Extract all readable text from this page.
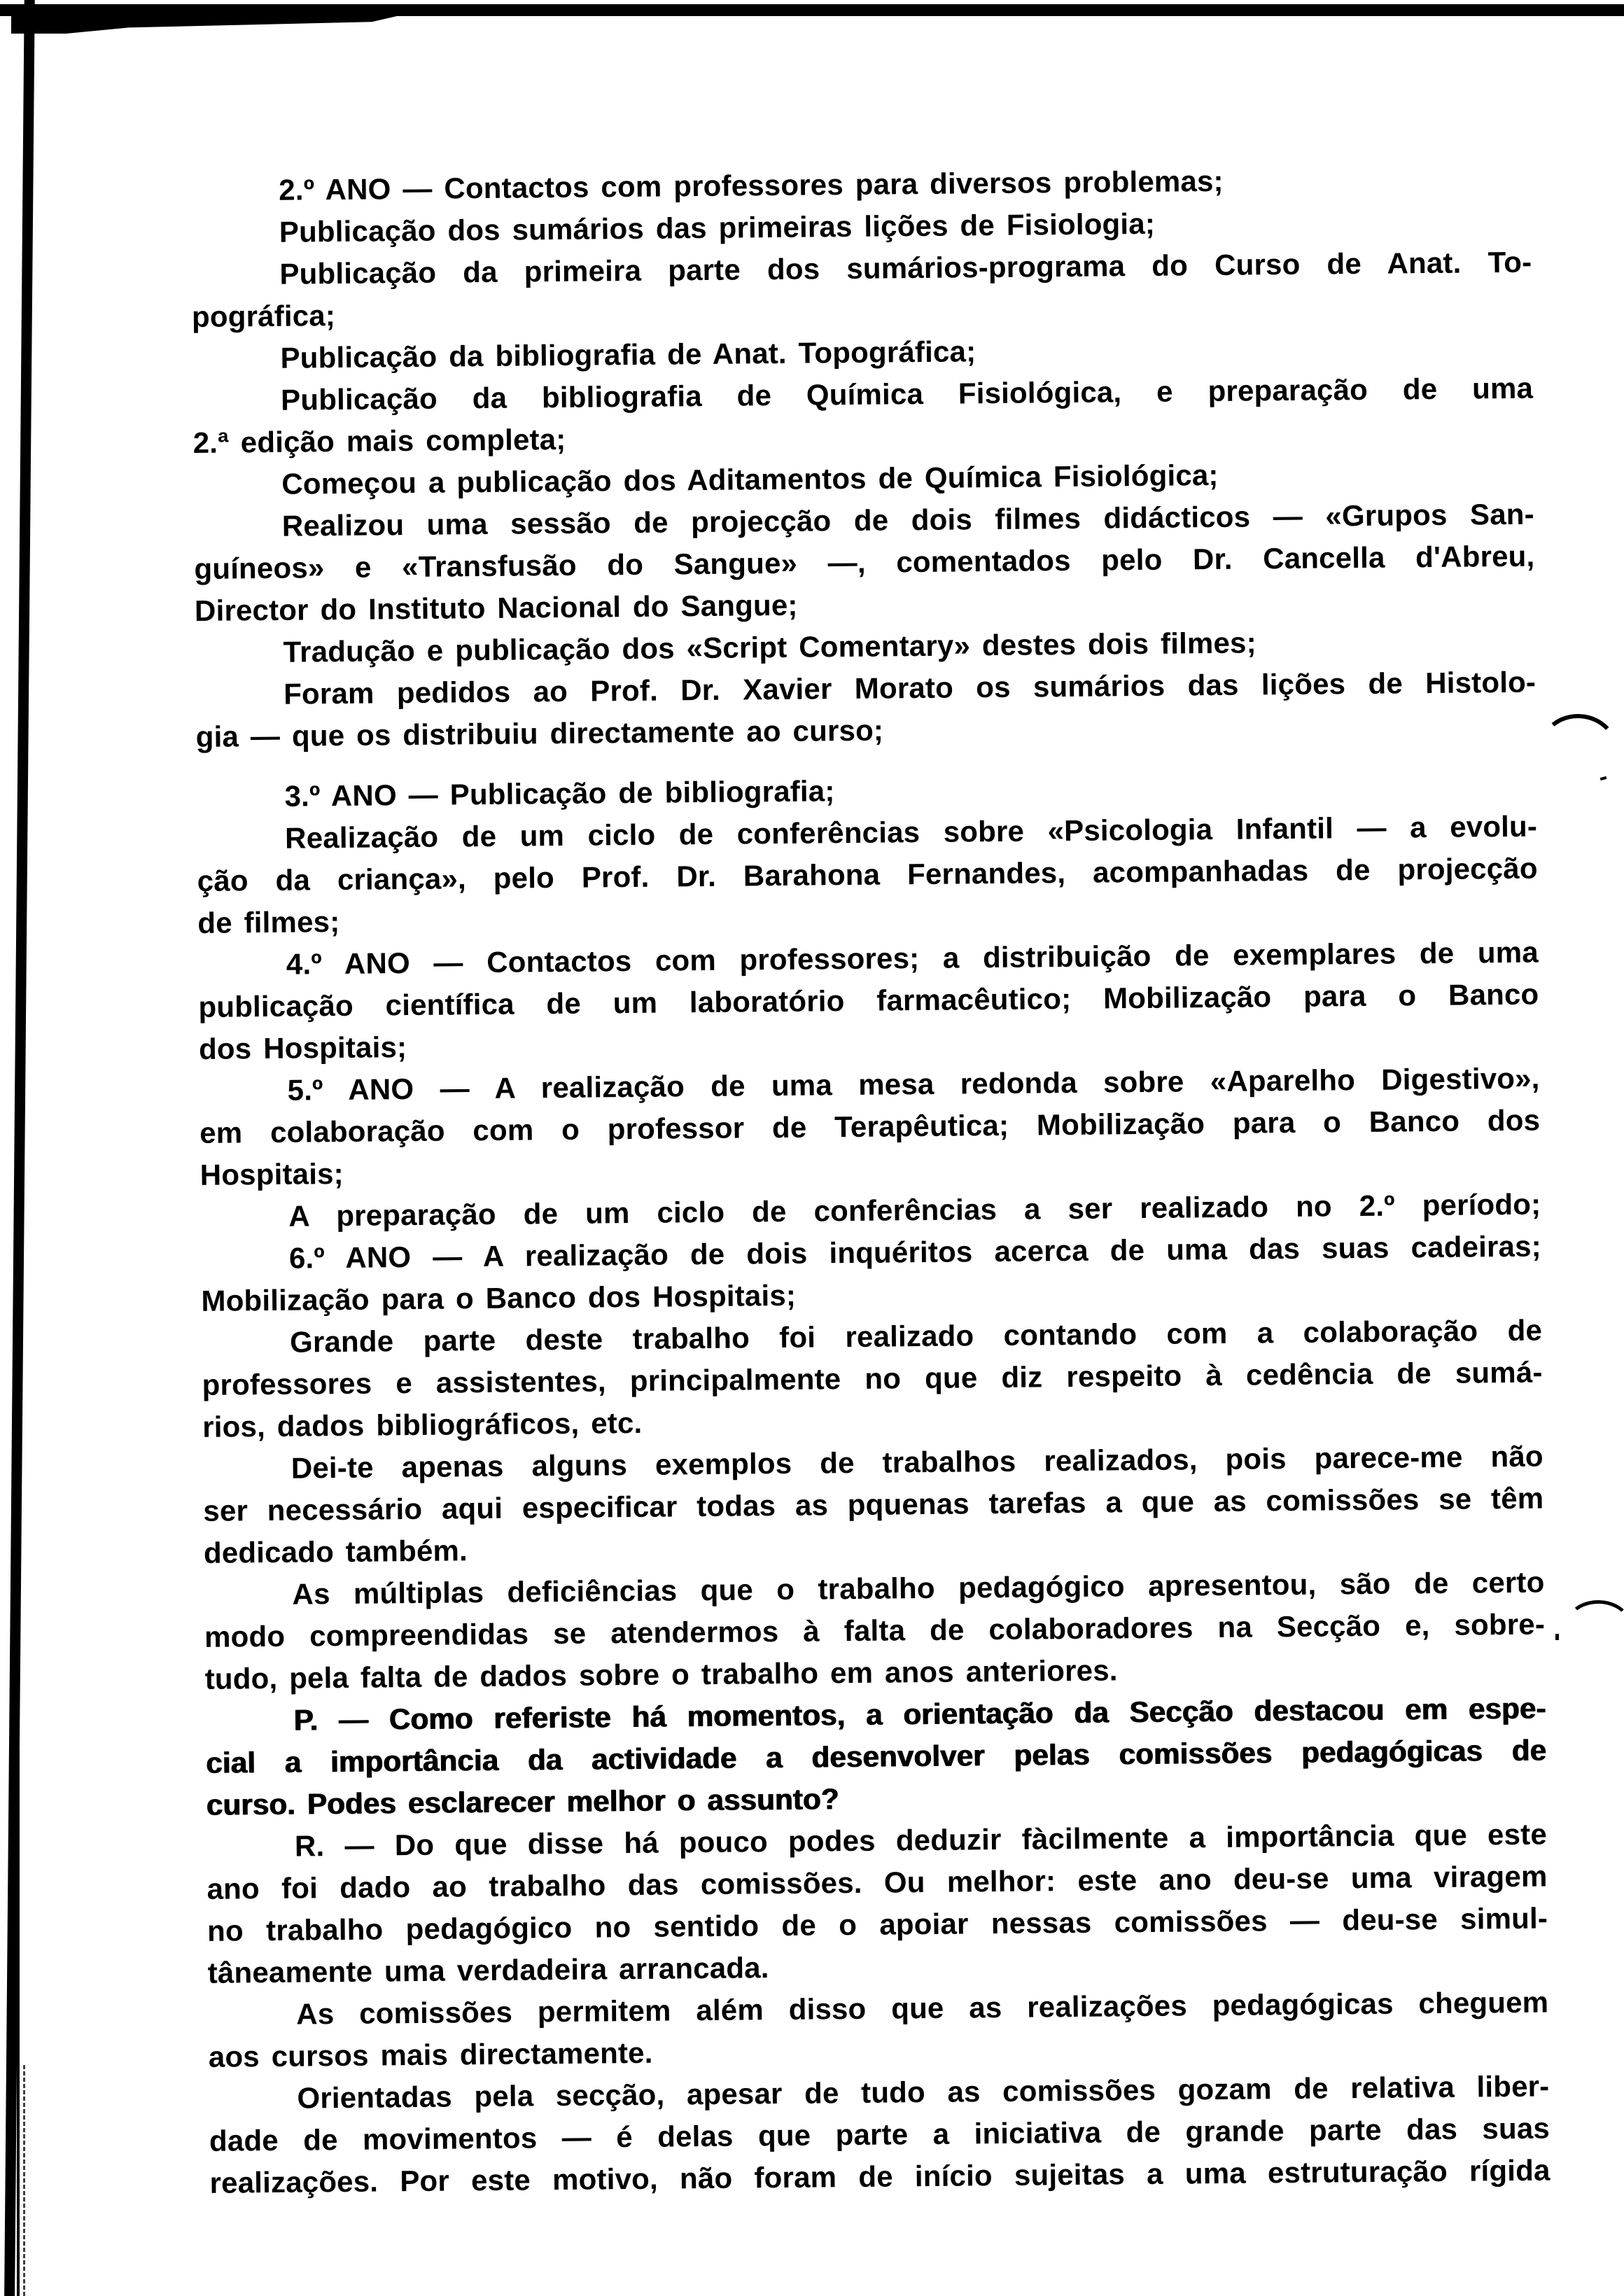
2.º ANO — Contactos com professores para diversos problemas;
Publicação dos sumários das primeiras lições de Fisiologia;
Publicação da primeira parte dos sumários-programa do Curso de Anat. To-
pográfica;
Publicação da bibliografia de Anat. Topográfica;
Publicação da bibliografia de Química Fisiológica, e preparação de uma
2.ª edição mais completa;
Começou a publicação dos Aditamentos de Química Fisiológica;
Realizou uma sessão de projecção de dois filmes didácticos — «Grupos San-
guíneos» e «Transfusão do Sangue» —, comentados pelo Dr. Cancella d'Abreu,
Director do Instituto Nacional do Sangue;
Tradução e publicação dos «Script Comentary» destes dois filmes;
Foram pedidos ao Prof. Dr. Xavier Morato os sumários das lições de Histolo-
gia — que os distribuiu directamente ao curso;
3.º ANO — Publicação de bibliografia;
Realização de um ciclo de conferências sobre «Psicologia Infantil — a evolu-
ção da criança», pelo Prof. Dr. Barahona Fernandes, acompanhadas de projecção
de filmes;
4.º ANO — Contactos com professores; a distribuição de exemplares de uma
publicação científica de um laboratório farmacêutico; Mobilização para o Banco
dos Hospitais;
5.º ANO — A realização de uma mesa redonda sobre «Aparelho Digestivo»,
em colaboração com o professor de Terapêutica; Mobilização para o Banco dos
Hospitais;
A preparação de um ciclo de conferências a ser realizado no 2.º período;
6.º ANO — A realização de dois inquéritos acerca de uma das suas cadeiras;
Mobilização para o Banco dos Hospitais;
Grande parte deste trabalho foi realizado contando com a colaboração de
professores e assistentes, principalmente no que diz respeito à cedência de sumá-
rios, dados bibliográficos, etc.
Dei-te apenas alguns exemplos de trabalhos realizados, pois parece-me não
ser necessário aqui especificar todas as pquenas tarefas a que as comissões se têm
dedicado também.
As múltiplas deficiências que o trabalho pedagógico apresentou, são de certo
modo compreendidas se atendermos à falta de colaboradores na Secção e, sobre-
tudo, pela falta de dados sobre o trabalho em anos anteriores.
P. — Como referiste há momentos, a orientação da Secção destacou em espe-
cial a importância da actividade a desenvolver pelas comissões pedagógicas de
curso. Podes esclarecer melhor o assunto?
R. — Do que disse há pouco podes deduzir fàcilmente a importância que este
ano foi dado ao trabalho das comissões. Ou melhor: este ano deu-se uma viragem
no trabalho pedagógico no sentido de o apoiar nessas comissões — deu-se simul-
tâneamente uma verdadeira arrancada.
As comissões permitem além disso que as realizações pedagógicas cheguem
aos cursos mais directamente.
Orientadas pela secção, apesar de tudo as comissões gozam de relativa liber-
dade de movimentos — é delas que parte a iniciativa de grande parte das suas
realizações. Por este motivo, não foram de início sujeitas a uma estruturação rígida
